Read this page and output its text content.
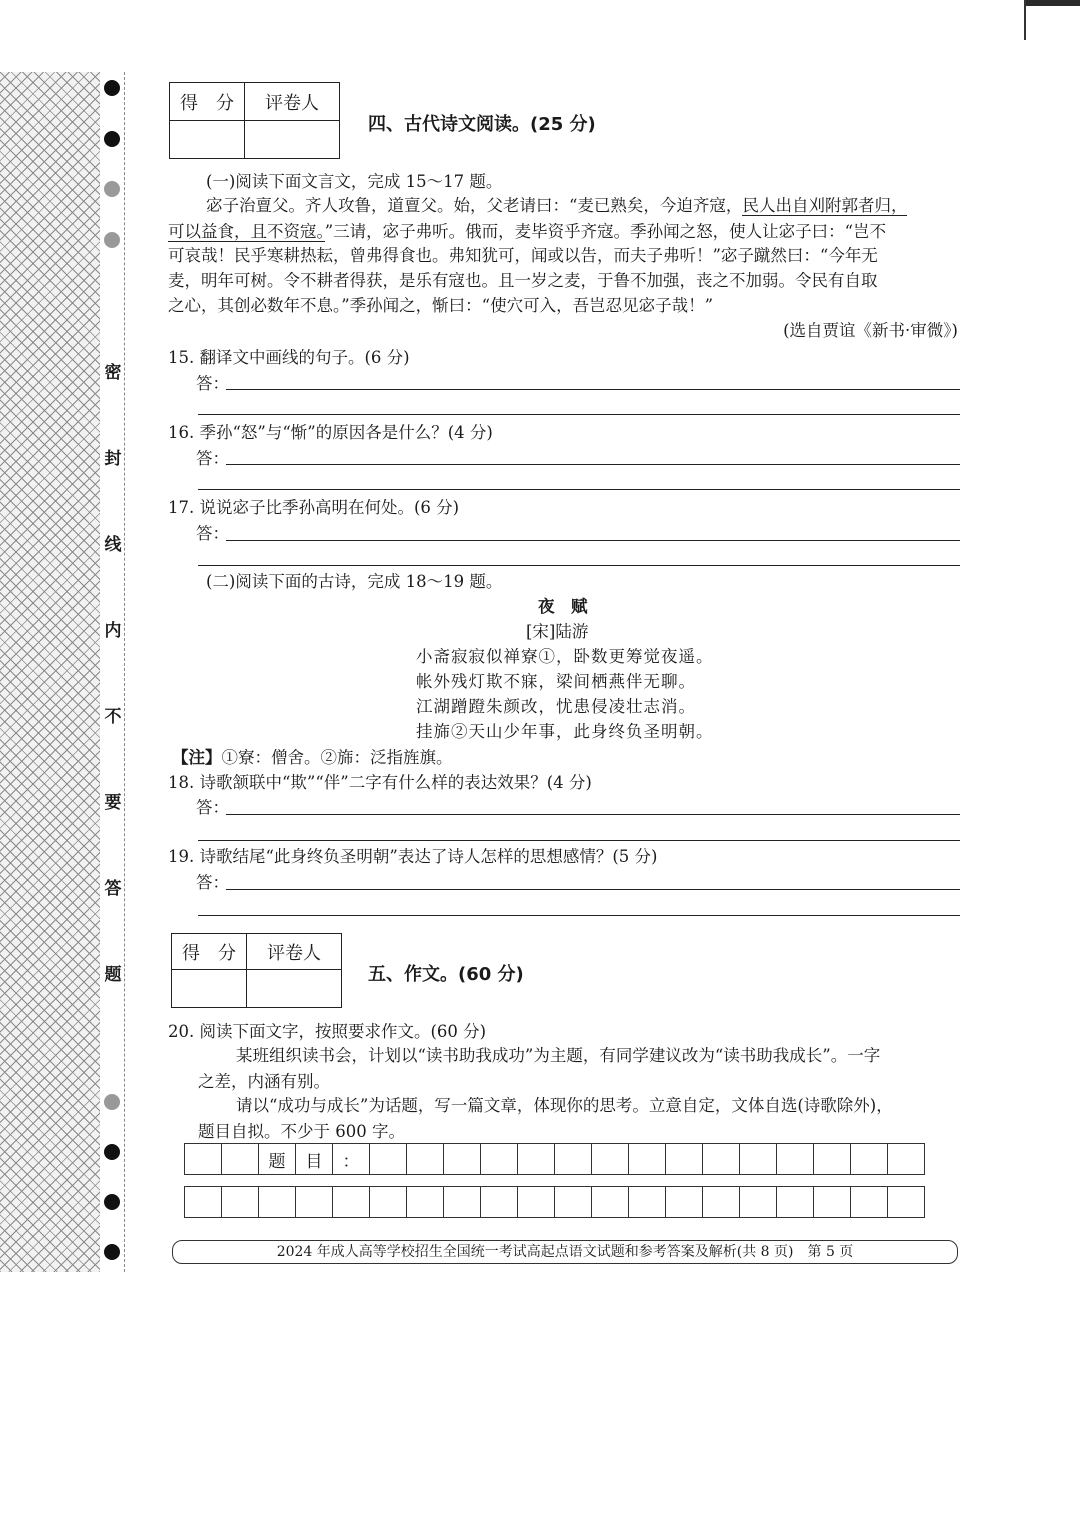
密
封
线
内
不
要
答
题
得　分	评卷人

四、古代诗文阅读。(25 分)
(一)阅读下面文言文，完成 15～17 题。
宓子治亶父。齐人攻鲁，道亶父。始，父老请曰：“麦已熟矣，今迫齐寇，民人出自刈附郭者归，
可以益食，且不资寇。”三请，宓子弗听。俄而，麦毕资乎齐寇。季孙闻之怒，使人让宓子曰：“岂不
可哀哉！民乎寒耕热耘，曾弗得食也。弗知犹可，闻或以告，而夫子弗听！”宓子蹴然曰：“今年无
麦，明年可树。令不耕者得获，是乐有寇也。且一岁之麦，于鲁不加强，丧之不加弱。令民有自取
之心，其创必数年不息。”季孙闻之，惭曰：“使穴可入，吾岂忍见宓子哉！”
(选自贾谊《新书·审微》)
15. 翻译文中画线的句子。(6 分)
答：
16. 季孙“怒”与“惭”的原因各是什么？(4 分)
答：
17. 说说宓子比季孙高明在何处。(6 分)
答：
(二)阅读下面的古诗，完成 18～19 题。
夜　赋
[宋]陆游
小斋寂寂似禅寮①，卧数更筹觉夜遥。
帐外残灯欺不寐，梁间栖燕伴无聊。
江湖蹭蹬朱颜改，忧患侵凌壮志消。
挂旆②天山少年事，此身终负圣明朝。
【注】①寮：僧舍。②旆：泛指旌旗。
18. 诗歌颔联中“欺”“伴”二字有什么样的表达效果？(4 分)
答：
19. 诗歌结尾“此身终负圣明朝”表达了诗人怎样的思想感情？(5 分)
答：
得　分	评卷人

五、作文。(60 分)
20. 阅读下面文字，按照要求作文。(60 分)
某班组织读书会，计划以“读书助我成功”为主题，有同学建议改为“读书助我成长”。一字
之差，内涵有别。
请以“成功与成长”为话题，写一篇文章，体现你的思考。立意自定，文体自选(诗歌除外)，
题目自拟。不少于 600 字。
		题	目	：															

2024 年成人高等学校招生全国统一考试高起点语文试题和参考答案及解析(共 8 页)　第 5 页
